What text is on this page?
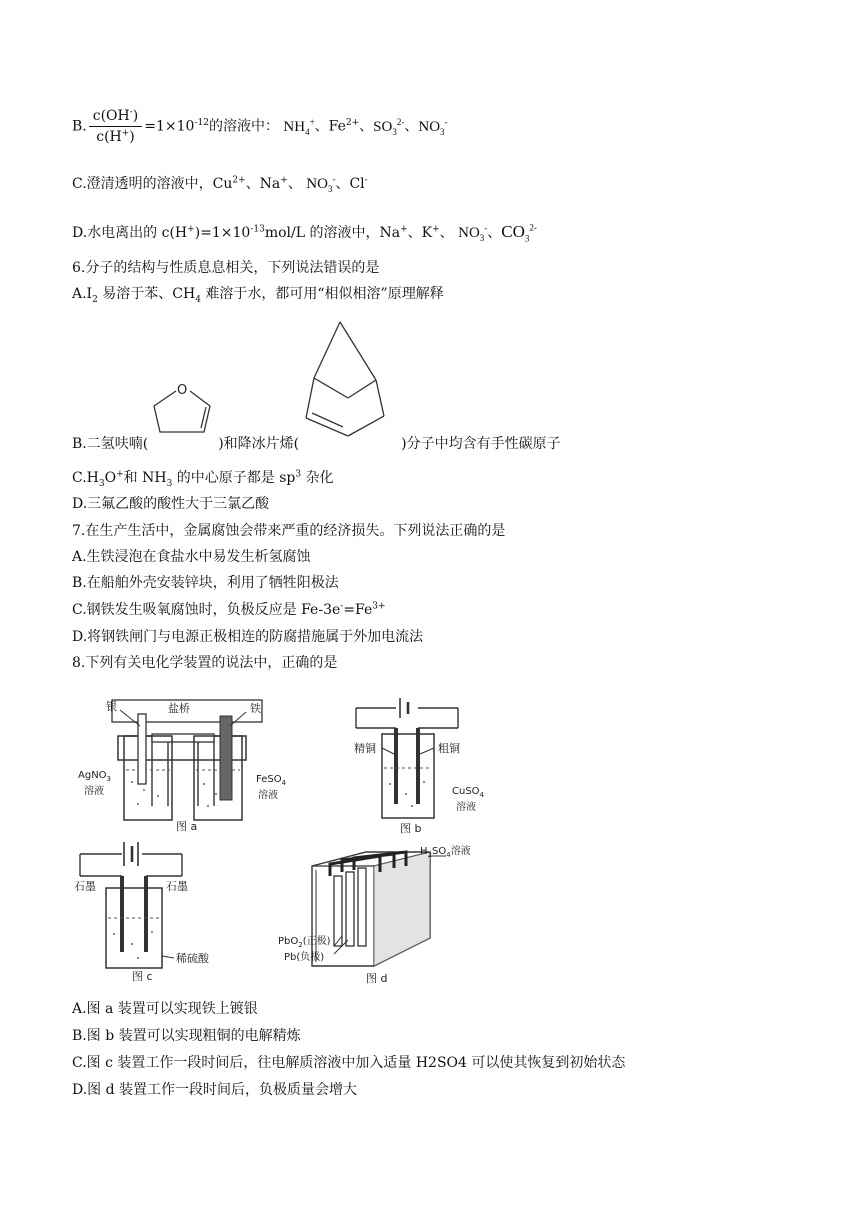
B. $\frac{c(OH^-)}{c(H^+)} =1\times 10^{-12}$的溶液中： $NH_4^+$、$Fe^{2+}$、$SO_3^{2-}$、$NO_3^-$
C.澄清透明的溶液中，$Cu^{2+}$、Na+、 $NO_3^-$、Cl-
D.水电离出的 $c(H^+)=1\times 10^{-13}mol/L$ 的溶液中，Na+、K+、 $NO_3^-$、$CO_3^{2-}$
6.分子的结构与性质息息相关，下列说法错误的是
$A.I_2$ 易溶于苯、$CH_4$ 难溶于水，都可用“相似相溶”原理解释
O
B.二氢呋喃(	)和降冰片烯(	)分子中均含有手性碳原子
$C.H_3O^+$和 $NH_3$ 的中心原子都是 $sp^3$ 杂化
D.三氟乙酸的酸性大于三氯乙酸
7.在生产生活中，金属腐蚀会带来严重的经济损失。下列说法正确的是
A.生铁浸泡在食盐水中易发生析氢腐蚀
B.在船舶外壳安装锌块，利用了牺牲阳极法
C.钢铁发生吸氧腐蚀时，负极反应是 $Fe-3e^-=Fe^{3+}$
D.将钢铁闸门与电源正极相连的防腐措施属于外加电流法
8.下列有关电化学装置的说法中，正确的是
银	盐桥	铁
AgNO$_3$
溶液
FeSO$_4$
溶液
图 a
精铜	粗铜
CuSO$_4$
溶液
图 b
石墨	石墨
稀硫酸
图 c
$H_2SO_4$溶液
PbO$_2$(正极)
Pb(负极)
图 d
A.图 a 装置可以实现铁上镀银
B.图 b 装置可以实现粗铜的电解精炼
C.图 c 装置工作一段时间后，往电解质溶液中加入适量 H2SO4 可以使其恢复到初始状态
D.图 d 装置工作一段时间后，负极质量会增大
